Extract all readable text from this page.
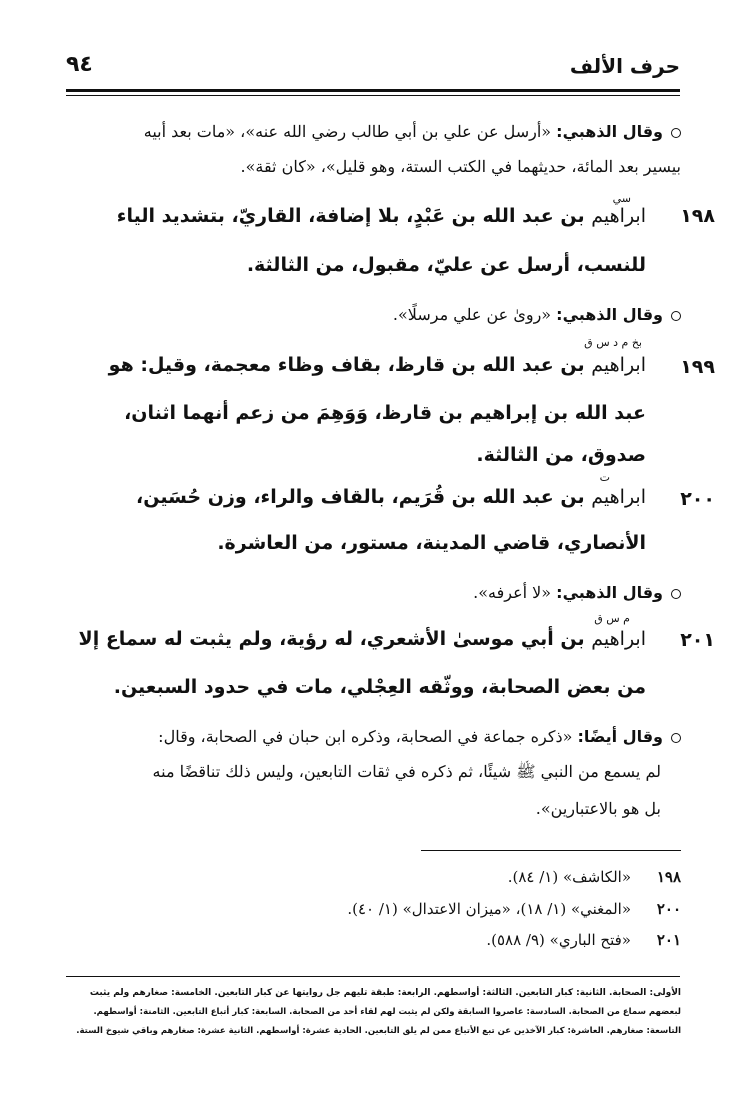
حرف الألف
٩٤
وقال الذهبي: «أرسل عن علي بن أبي طالب رضي الله عنه»، «مات بعد أبيه
بيسير بعد المائة، حديثهما في الكتب الستة، وهو قليل»، «كان ثقة».
١٩٨
سي
ابراهيم بن عبد الله بن عَبْدٍ، بلا إضافة، القاريّ، بتشديد الياء
للنسب، أرسل عن عليّ، مقبول، من الثالثة.
وقال الذهبي: «روىٰ عن علي مرسلًا».
١٩٩
بخ م د س ق
ابراهيم بن عبد الله بن قارظ، بقاف وظاء معجمة، وقيل: هو
عبد الله بن إبراهيم بن قارظ، وَوَهِمَ من زعم أنهما اثنان،
صدوق، من الثالثة.
٢٠٠
ت
ابراهيم بن عبد الله بن قُرَيم، بالقاف والراء، وزن حُسَين،
الأنصاري، قاضي المدينة، مستور، من العاشرة.
وقال الذهبي: «لا أعرفه».
٢٠١
م س ق
ابراهيم بن أبي موسىٰ الأشعري، له رؤية، ولم يثبت له سماع إلا
من بعض الصحابة، ووثّقه العِجْلي، مات في حدود السبعين.
وقال أيضًا: «ذكره جماعة في الصحابة، وذكره ابن حبان في الصحابة، وقال:
لم يسمع من النبي ﷺ شيئًا، ثم ذكره في ثقات التابعين، وليس ذلك تناقضًا منه
بل هو بالاعتبارين».
١٩٨«الكاشف» (١/ ٨٤).
٢٠٠«المغني» (١/ ١٨)، «ميزان الاعتدال» (١/ ٤٠).
٢٠١«فتح الباري» (٩/ ٥٨٨).
الأولى: الصحابة. الثانية: كبار التابعين. الثالثة: أواسطهم. الرابعة: طبقة تليهم جل روايتها عن كبار التابعين. الخامسة: صغارهم ولم يثبت
لبعضهم سماع من الصحابة. السادسة: عاصروا السابقة ولكن لم يثبت لهم لقاء أحد من الصحابة. السابعة: كبار أتباع التابعين. الثامنة: أواسطهم.
التاسعة: صغارهم. العاشرة: كبار الآخذين عن تبع الأتباع ممن لم يلق التابعين. الحادية عشرة: أواسطهم. الثانية عشرة: صغارهم وباقي شيوخ الستة.
